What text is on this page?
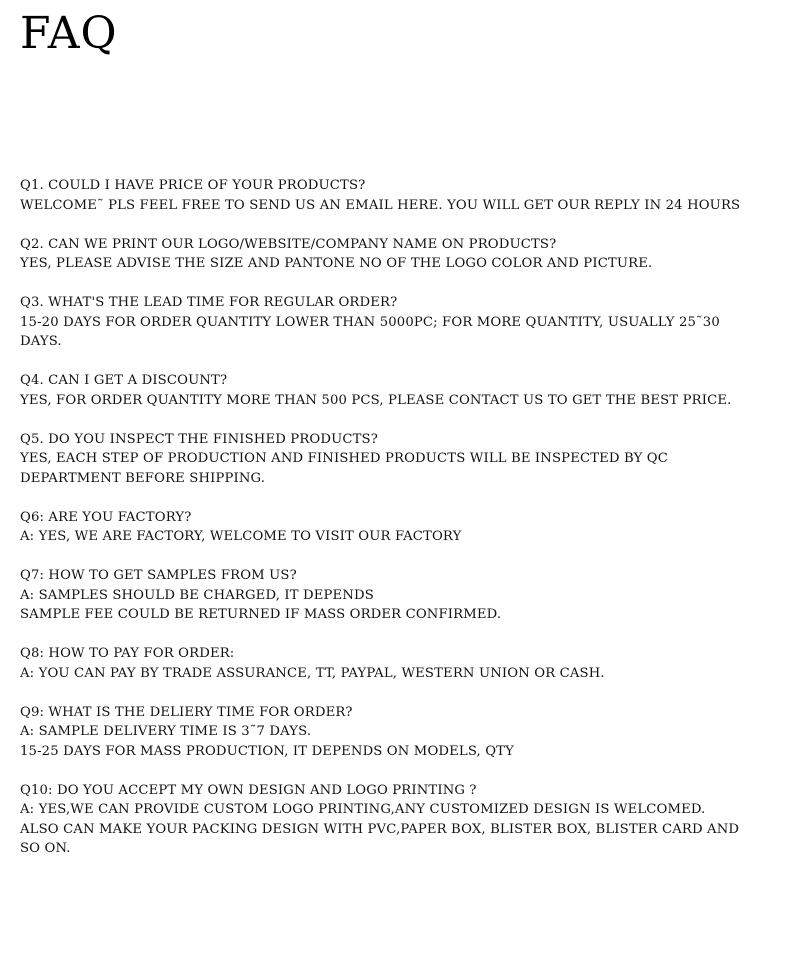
FAQ
Q1. COULD I HAVE PRICE OF YOUR PRODUCTS?
WELCOME˜ PLS FEEL FREE TO SEND US AN EMAIL HERE. YOU WILL GET OUR REPLY IN 24 HOURS
Q2. CAN WE PRINT OUR LOGO/WEBSITE/COMPANY NAME ON PRODUCTS?
YES, PLEASE ADVISE THE SIZE AND PANTONE NO OF THE LOGO COLOR AND PICTURE.
Q3. WHAT'S THE LEAD TIME FOR REGULAR ORDER?
15-20 DAYS FOR ORDER QUANTITY LOWER THAN 5000PC; FOR MORE QUANTITY, USUALLY 25˜30 DAYS.
Q4. CAN I GET A DISCOUNT?
YES, FOR ORDER QUANTITY MORE THAN 500 PCS, PLEASE CONTACT US TO GET THE BEST PRICE.
Q5. DO YOU INSPECT THE FINISHED PRODUCTS?
YES, EACH STEP OF PRODUCTION AND FINISHED PRODUCTS WILL BE INSPECTED BY QC DEPARTMENT BEFORE SHIPPING.
Q6: ARE YOU FACTORY?
A: YES, WE ARE FACTORY, WELCOME TO VISIT OUR FACTORY
Q7: HOW TO GET SAMPLES FROM US?
A: SAMPLES SHOULD BE CHARGED, IT DEPENDS
SAMPLE FEE COULD BE RETURNED IF MASS ORDER CONFIRMED.
Q8: HOW TO PAY FOR ORDER:
A: YOU CAN PAY BY TRADE ASSURANCE, TT, PAYPAL, WESTERN UNION OR CASH.
Q9: WHAT IS THE DELIERY TIME FOR ORDER?
A: SAMPLE DELIVERY TIME IS 3˜7 DAYS.
15-25 DAYS FOR MASS PRODUCTION, IT DEPENDS ON MODELS, QTY
Q10: DO YOU ACCEPT MY OWN DESIGN AND LOGO PRINTING ?
A: YES,WE CAN PROVIDE CUSTOM LOGO PRINTING,ANY CUSTOMIZED DESIGN IS WELCOMED.
ALSO CAN MAKE YOUR PACKING DESIGN WITH PVC,PAPER BOX, BLISTER BOX, BLISTER CARD AND SO ON.
